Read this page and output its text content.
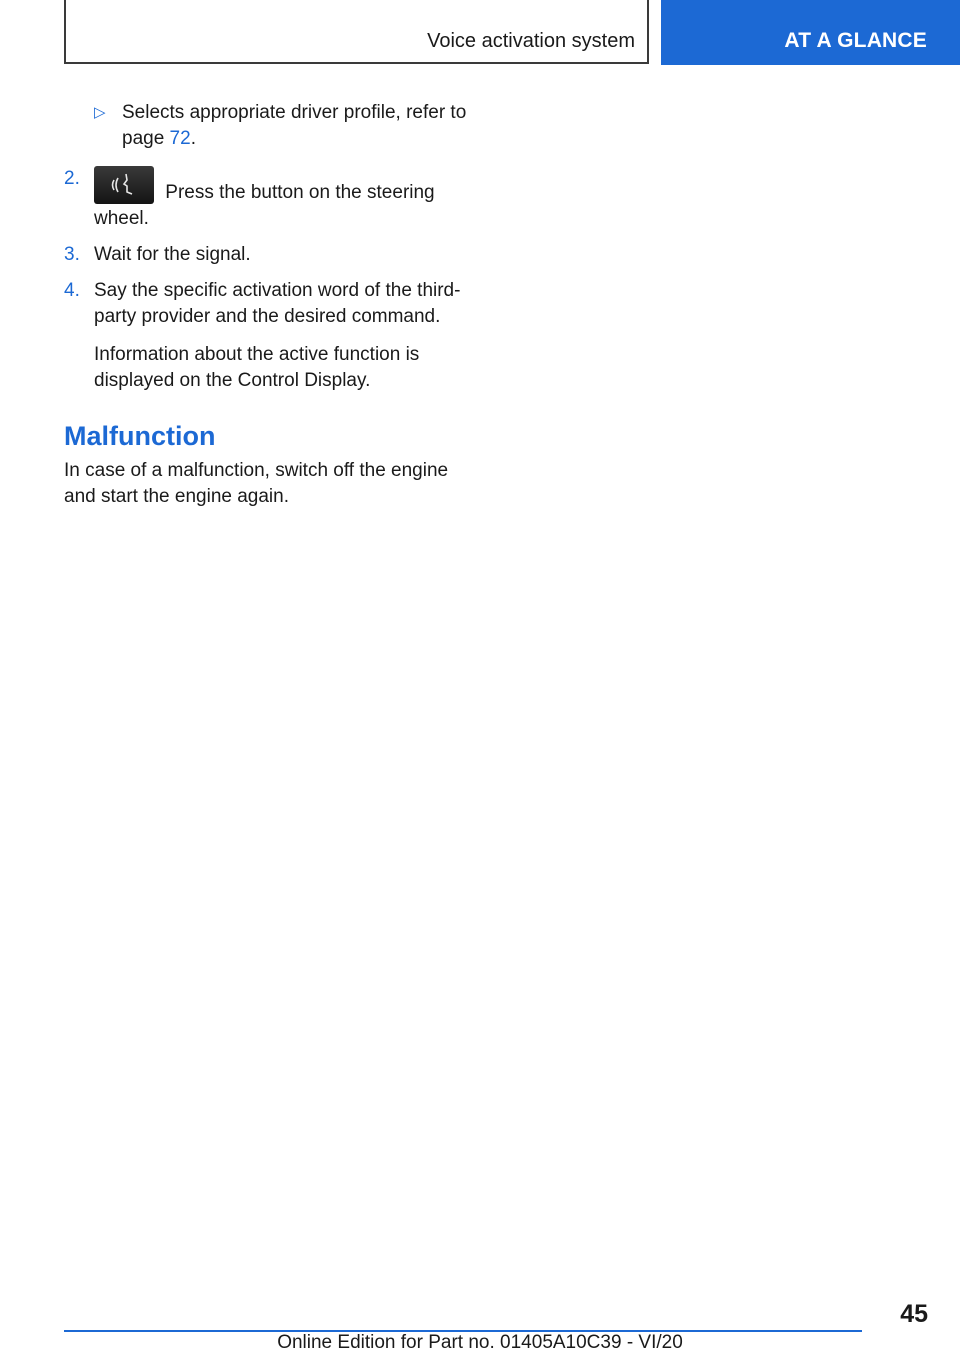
Voice activation system	AT A GLANCE
▷ Selects appropriate driver profile, refer to page 72.
2.
Press the button on the steering wheel.
3. Wait for the signal.
4. Say the specific activation word of the third-party provider and the desired command.
Information about the active function is displayed on the Control Display.
Malfunction
In case of a malfunction, switch off the engine and start the engine again.
45
Online Edition for Part no. 01405A10C39 - VI/20
